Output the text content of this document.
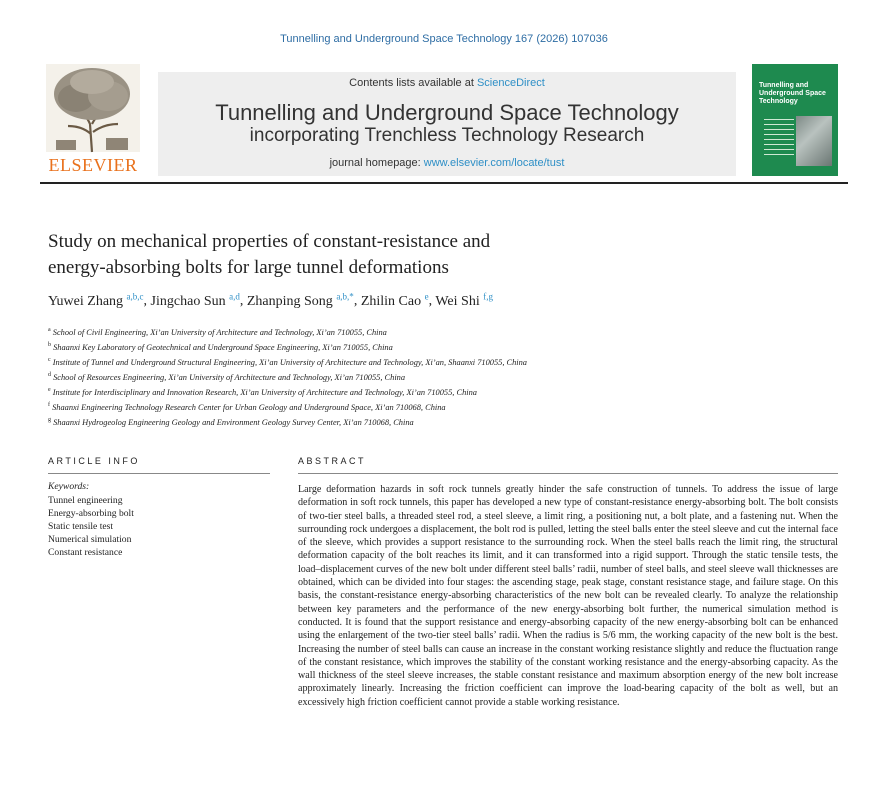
Tunnelling and Underground Space Technology 167 (2026) 107036
ELSEVIER
Contents lists available at ScienceDirect
Tunnelling and Underground Space Technology
incorporating Trenchless Technology Research
journal homepage: www.elsevier.com/locate/tust
Tunnelling and Underground Space Technology
Study on mechanical properties of constant-resistance and
energy-absorbing bolts for large tunnel deformations
Yuwei Zhang $^{a,b,c}$, Jingchao Sun $^{a,d}$, Zhanping Song $^{a,b,*}$, Zhilin Cao $^e$, Wei Shi $^{f,g}$
$^a$ School of Civil Engineering, Xi’an University of Architecture and Technology, Xi’an 710055, China
$^b$ Shaanxi Key Laboratory of Geotechnical and Underground Space Engineering, Xi’an 710055, China
$^c$ Institute of Tunnel and Underground Structural Engineering, Xi’an University of Architecture and Technology, Xi’an, Shaanxi 710055, China
$^d$ School of Resources Engineering, Xi’an University of Architecture and Technology, Xi’an 710055, China
$^e$ Institute for Interdisciplinary and Innovation Research, Xi’an University of Architecture and Technology, Xi’an 710055, China
$^f$ Shaanxi Engineering Technology Research Center for Urban Geology and Underground Space, Xi’an 710068, China
$^g$ Shaanxi Hydrogeolog Engineering Geology and Environment Geology Survey Center, Xi’an 710068, China
ARTICLE INFO
Keywords:
Tunnel engineering
Energy-absorbing bolt
Static tensile test
Numerical simulation
Constant resistance
ABSTRACT
Large deformation hazards in soft rock tunnels greatly hinder the safe construction of tunnels. To address the issue of large deformation in soft rock tunnels, this paper has developed a new type of constant-resistance energy-absorbing bolt. The bolt consists of two-tier steel balls, a threaded steel rod, a steel sleeve, a limit ring, a positioning nut, a bolt plate, and a fastening nut. When the surrounding rock undergoes a displacement, the bolt rod is pulled, letting the steel balls enter the steel sleeve and cut the internal face of the sleeve, which provides a support resistance to the surrounding rock. When the steel balls reach the limit ring, the structural deformation capacity of the bolt reaches its limit, and it can transformed into a rigid support. Through the static tensile tests, the load–displacement curves of the new bolt under different steel balls’ radii, number of steel balls, and steel sleeve wall thicknesses are obtained, which can be divided into four stages: the ascending stage, peak stage, constant resistance stage, and failure stage. On this basis, the constant-resistance energy-absorbing characteristics of the new bolt can be revealed clearly. To analyze the relationship between key parameters and the performance of the new energy-absorbing bolt further, the numerical simulation method is conducted. It is found that the support resistance and energy-absorbing capacity of the new energy-absorbing bolt can be enhanced using the enlargement of the two-tier steel balls’ radii. When the radius is 5/6 mm, the working capacity of the new bolt is the best. Increasing the number of steel balls can cause an increase in the constant working resistance slightly and reduce the fluctuation range of the constant resistance, which improves the stability of the constant working resistance and the energy-absorbing capacity. As the wall thickness of the steel sleeve increases, the stable constant resistance and maximum absorption energy of the new bolt increase approximately linearly. Increasing the friction coefficient can improve the load-bearing capacity of the bolt as well, but an excessively high friction coefficient cannot provide a stable working resistance.
